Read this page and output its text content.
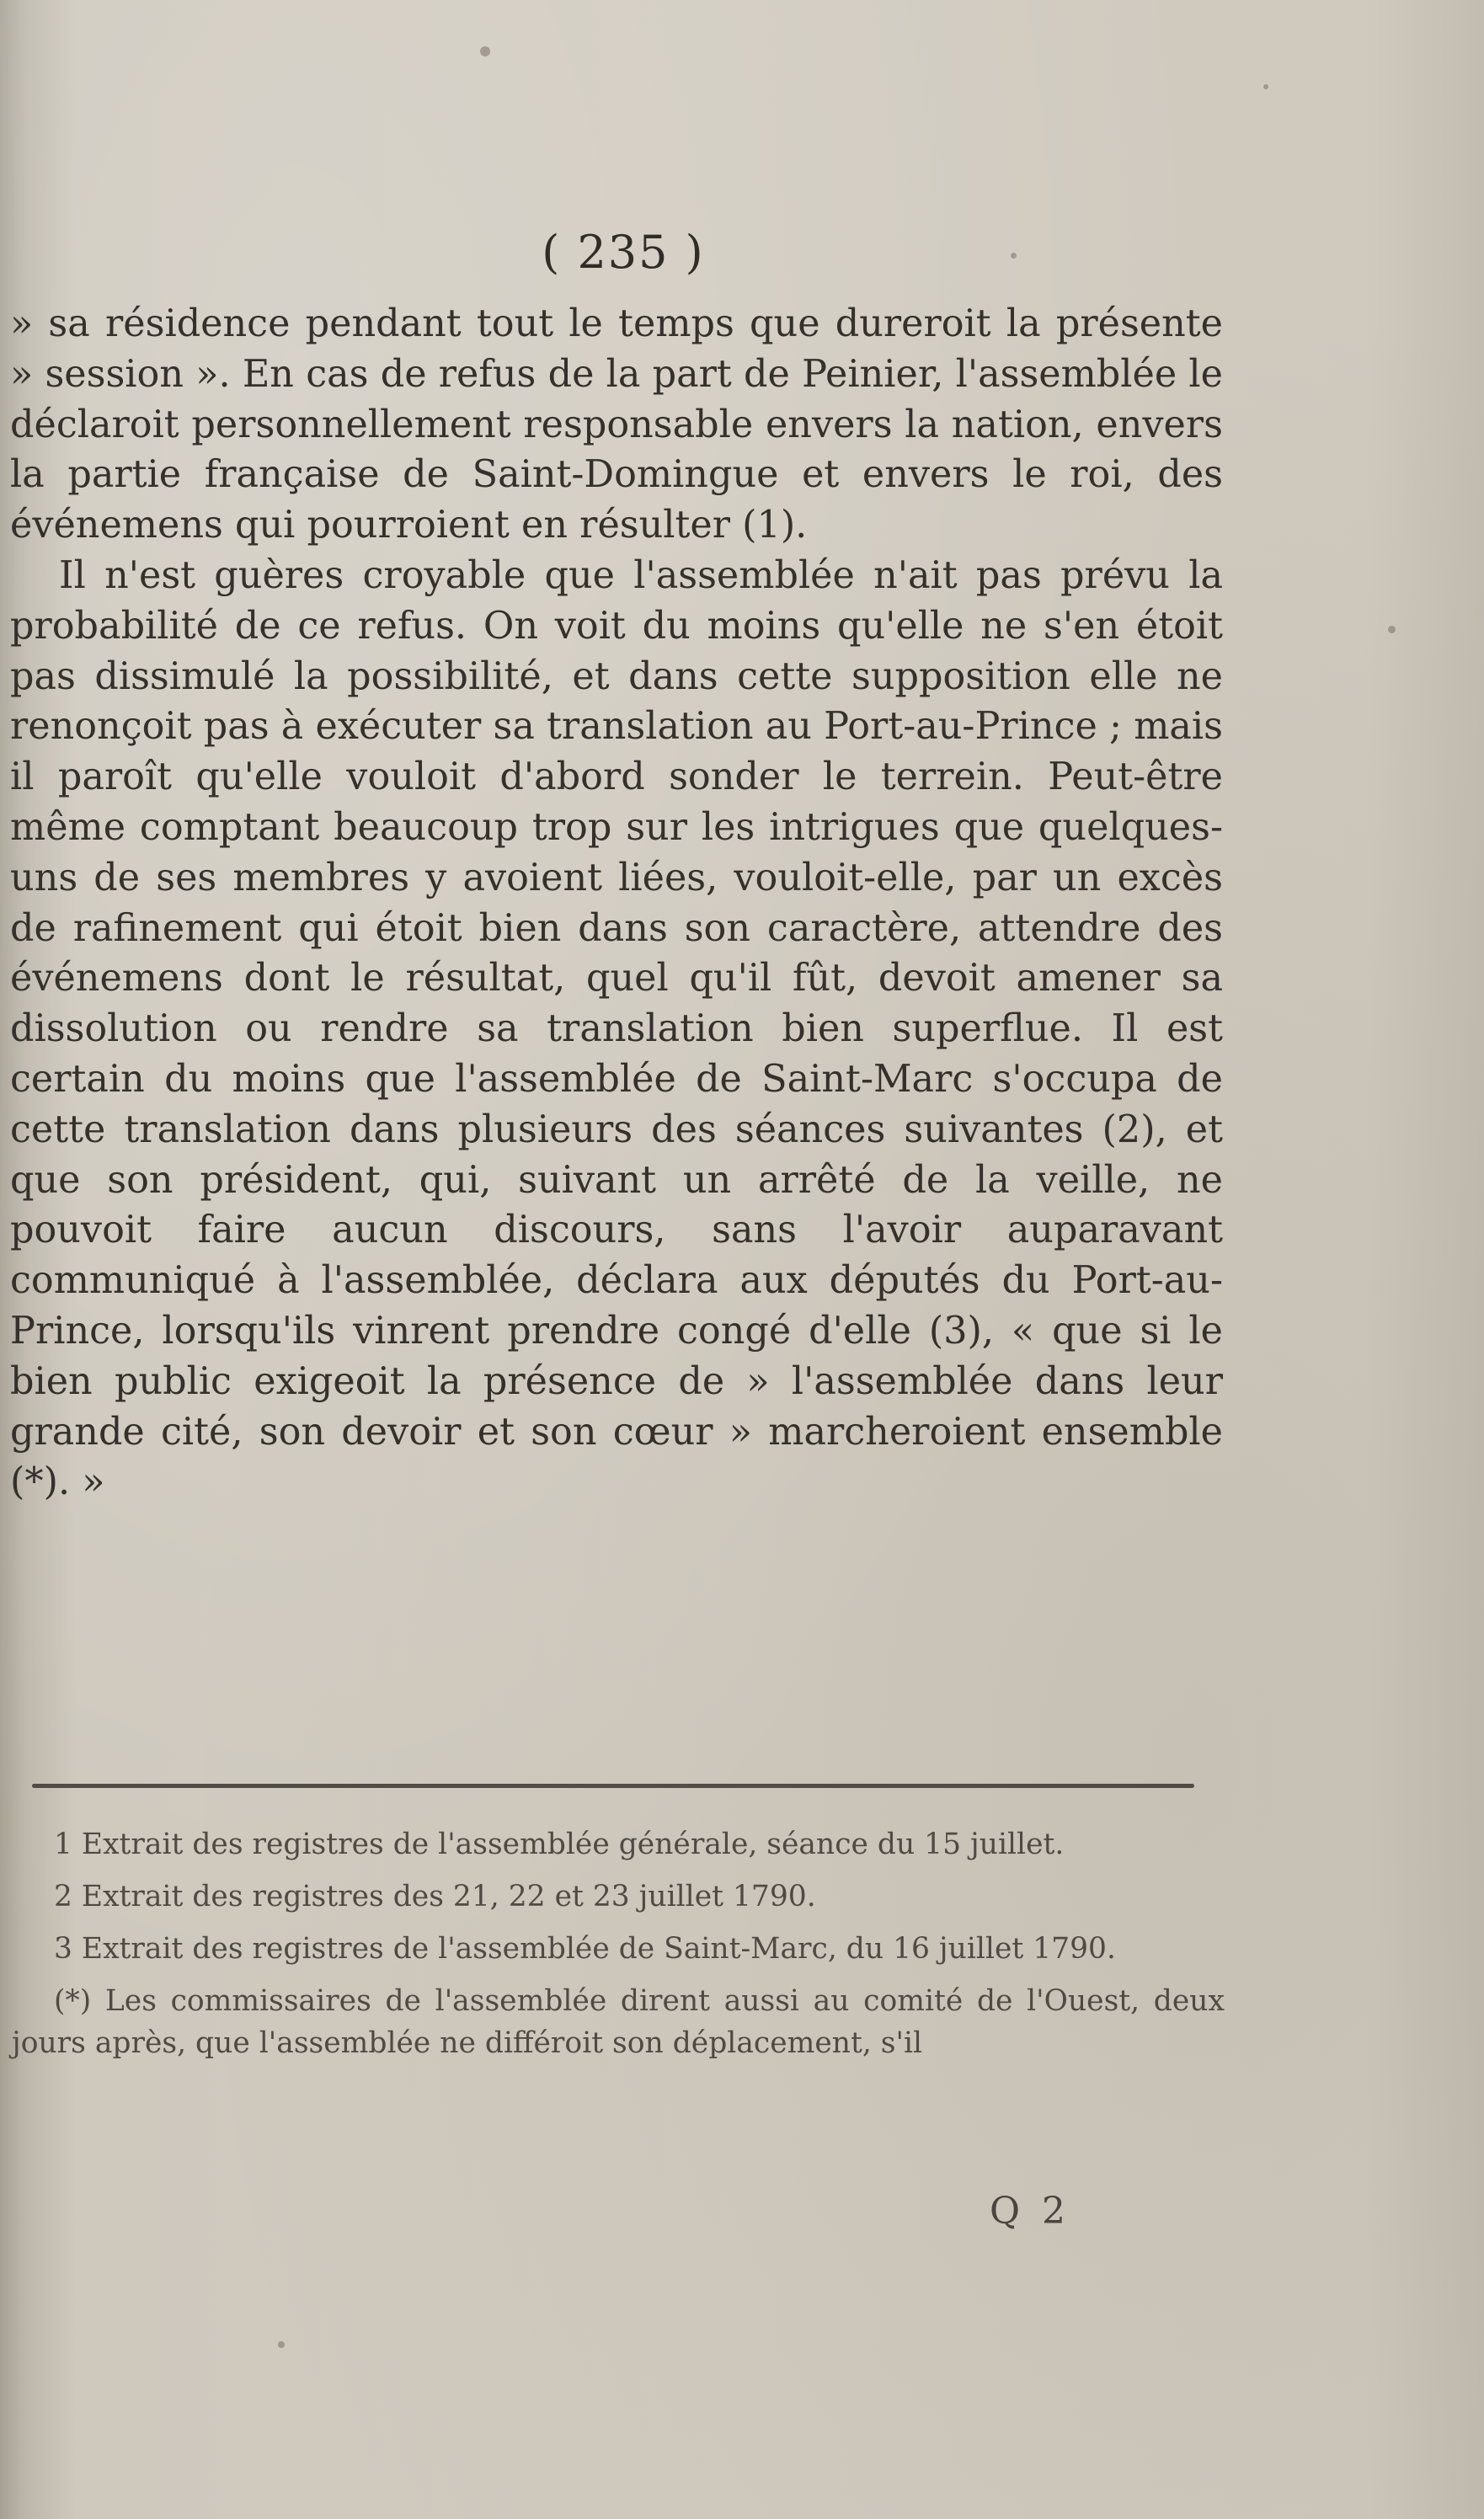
( 235 )

» sa résidence pendant tout le temps que dureroit la présente » session ». En cas de refus de la part de Peinier, l'assemblée le déclaroit personnellement responsable envers la nation, envers la partie française de Saint-Domingue et envers le roi, des événemens qui pourroient en résulter (1).

Il n'est guères croyable que l'assemblée n'ait pas prévu la probabilité de ce refus. On voit du moins qu'elle ne s'en étoit pas dissimulé la possibilité, et dans cette supposition elle ne renonçoit pas à exécuter sa translation au Port-au-Prince ; mais il paroît qu'elle vouloit d'abord sonder le terrein. Peut-être même comptant beaucoup trop sur les intrigues que quelques-uns de ses membres y avoient liées, vouloit-elle, par un excès de rafinement qui étoit bien dans son caractère, attendre des événemens dont le résultat, quel qu'il fût, devoit amener sa dissolution ou rendre sa translation bien superflue. Il est certain du moins que l'assemblée de Saint-Marc s'occupa de cette translation dans plusieurs des séances suivantes (2), et que son président, qui, suivant un arrêté de la veille, ne pouvoit faire aucun discours, sans l'avoir auparavant communiqué à l'assemblée, déclara aux députés du Port-au-Prince, lorsqu'ils vinrent prendre congé d'elle (3), « que si le bien public exigeoit la présence de » l'assemblée dans leur grande cité, son devoir et son cœur » marcheroient ensemble (*). »

1 Extrait des registres de l'assemblée générale, séance du 15 juillet.

2 Extrait des registres des 21, 22 et 23 juillet 1790.

3 Extrait des registres de l'assemblée de Saint-Marc, du 16 juillet 1790.

(*) Les commissaires de l'assemblée dirent aussi au comité de l'Ouest, deux jours après, que l'assemblée ne différoit son déplacement, s'il

Q 2
